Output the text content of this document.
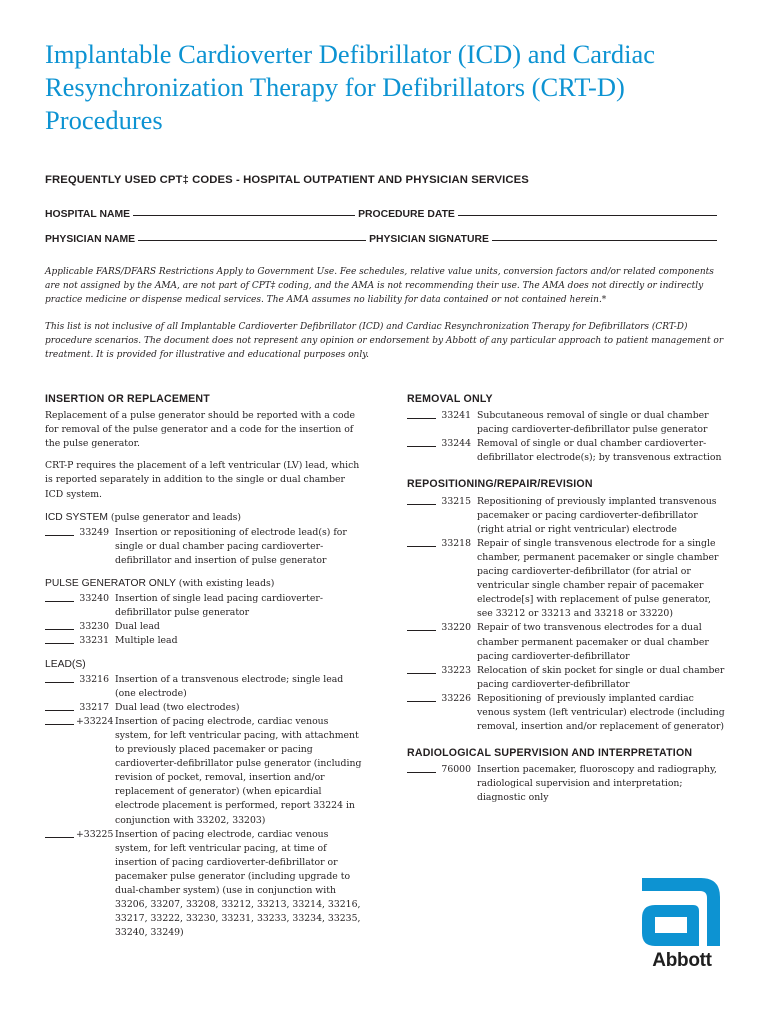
Implantable Cardioverter Defibrillator (ICD) and Cardiac Resynchronization Therapy for Defibrillators (CRT-D) Procedures
FREQUENTLY USED CPT‡ CODES - HOSPITAL OUTPATIENT AND PHYSICIAN SERVICES
HOSPITAL NAME	PROCEDURE DATE
PHYSICIAN NAME	PHYSICIAN SIGNATURE

Applicable FARS/DFARS Restrictions Apply to Government Use. Fee schedules, relative value units, conversion factors and/or related components are not assigned by the AMA, are not part of CPT‡ coding, and the AMA is not recommending their use. The AMA does not directly or indirectly practice medicine or dispense medical services. The AMA assumes no liability for data contained or not contained herein.*

This list is not inclusive of all Implantable Cardioverter Defibrillator (ICD) and Cardiac Resynchronization Therapy for Defibrillators (CRT-D) procedure scenarios. The document does not represent any opinion or endorsement by Abbott of any particular approach to patient management or treatment. It is provided for illustrative and educational purposes only.

INSERTION OR REPLACEMENT

Replacement of a pulse generator should be reported with a code for removal of the pulse generator and a code for the insertion of the pulse generator.

CRT-P requires the placement of a left ventricular (LV) lead, which is reported separately in addition to the single or dual chamber ICD system.

ICD SYSTEM (pulse generator and leads)
33249 Insertion or repositioning of electrode lead(s) for single or dual chamber pacing cardioverter-defibrillator and insertion of pulse generator
PULSE GENERATOR ONLY (with existing leads)
33240 Insertion of single lead pacing cardioverter-defibrillator pulse generator
33230 Dual lead
33231 Multiple lead
LEAD(S)
33216 Insertion of a transvenous electrode; single lead (one electrode)
33217 Dual lead (two electrodes)
+33224 Insertion of pacing electrode, cardiac venous system, for left ventricular pacing, with attachment to previously placed pacemaker or pacing cardioverter-defibrillator pulse generator (including revision of pocket, removal, insertion and/or replacement of generator) (when epicardial electrode placement is performed, report 33224 in conjunction with 33202, 33203)
+33225 Insertion of pacing electrode, cardiac venous system, for left ventricular pacing, at time of insertion of pacing cardioverter-defibrillator or pacemaker pulse generator (including upgrade to dual-chamber system) (use in conjunction with 33206, 33207, 33208, 33212, 33213, 33214, 33216, 33217, 33222, 33230, 33231, 33233, 33234, 33235, 33240, 33249)
REMOVAL ONLY
33241 Subcutaneous removal of single or dual chamber pacing cardioverter-defibrillator pulse generator
33244 Removal of single or dual chamber cardioverter-defibrillator electrode(s); by transvenous extraction
REPOSITIONING/REPAIR/REVISION
33215 Repositioning of previously implanted transvenous pacemaker or pacing cardioverter-defibrillator (right atrial or right ventricular) electrode
33218 Repair of single transvenous electrode for a single chamber, permanent pacemaker or single chamber pacing cardioverter-defibrillator (for atrial or ventricular single chamber repair of pacemaker electrode[s] with replacement of pulse generator, see 33212 or 33213 and 33218 or 33220)
33220 Repair of two transvenous electrodes for a dual chamber permanent pacemaker or dual chamber pacing cardioverter-defibrillator
33223 Relocation of skin pocket for single or dual chamber pacing cardioverter-defibrillator
33226 Repositioning of previously implanted cardiac venous system (left ventricular) electrode (including removal, insertion and/or replacement of generator)
RADIOLOGICAL SUPERVISION AND INTERPRETATION
76000 Insertion pacemaker, fluoroscopy and radiography, radiological supervision and interpretation; diagnostic only
Abbott
